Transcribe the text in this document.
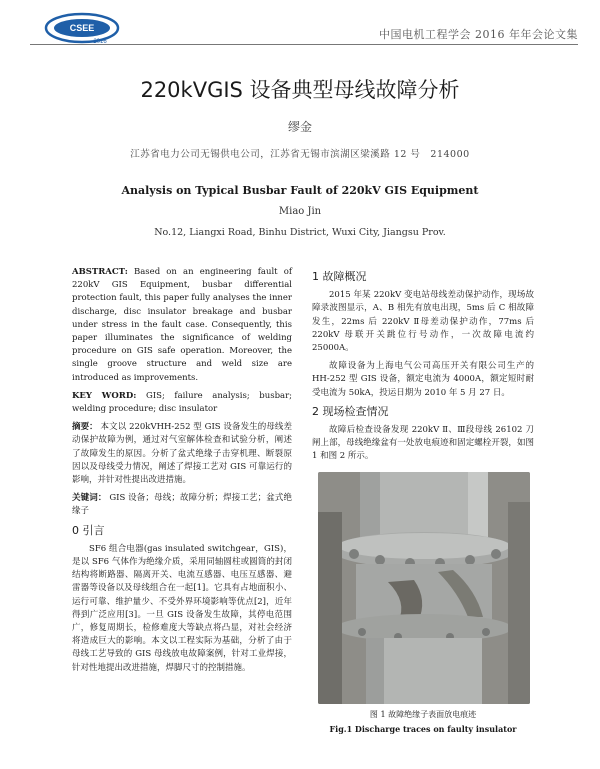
CSEE
2016
中国电机工程学会 2016 年年会论文集
220kVGIS 设备典型母线故障分析
缪金
江苏省电力公司无锡供电公司，江苏省无锡市滨湖区梁溪路 12 号　214000
Analysis on Typical Busbar Fault of 220kV GIS Equipment
Miao Jin
No.12, Liangxi Road, Binhu District, Wuxi City, Jiangsu Prov.

ABSTRACT: Based on an engineering fault of 220kV GIS Equipment, busbar differential protection fault, this paper fully analyses the inner discharge, disc insulator breakage and busbar under stress in the fault case. Consequently, this paper illuminates the significance of welding procedure on GIS safe operation. Moreover, the single groove structure and weld size are introduced as improvements.

KEY WORD: GIS; failure analysis; busbar; welding procedure; disc insulator

摘要： 本文以 220kVHH-252 型 GIS 设备发生的母线差动保护故障为例，通过对气室解体检查和试验分析，阐述了故障发生的原因。分析了盆式绝缘子击穿机理、断裂原因以及母线受力情况，阐述了焊接工艺对 GIS 可靠运行的影响，并针对性提出改进措施。

关键词： GIS 设备；母线；故障分析；焊接工艺；盆式绝缘子

0 引言

SF6 组合电器(gas insulated switchgear，GIS)，是以 SF6 气体作为绝缘介质，采用同轴圆柱或圆筒的封闭结构将断路器、隔离开关、电流互感器、电压互感器、避雷器等设备以及母线组合在一起[1]。它具有占地面积小、运行可靠、维护量少、不受外界环境影响等优点[2]，近年得到广泛应用[3]。一旦 GIS 设备发生故障，其停电范围广，修复周期长，检修难度大等缺点将凸显，对社会经济将造成巨大的影响。本文以工程实际为基础，分析了由于母线工艺导致的 GIS 母线放电故障案例，针对工业焊接，针对性地提出改进措施，焊脚尺寸的控制措施。

1 故障概况

2015 年某 220kV 变电站母线差动保护动作，现场故障录波图显示，A、B 相先有放电出现，5ms 后 C 相故障发生，22ms 后 220kV Ⅱ母差动保护动作，77ms 后 220kV 母联开关跳位行号动作，一次故障电流约 25000A。

故障设备为上海电气公司高压开关有限公司生产的 HH-252 型 GIS 设备，额定电流为 4000A，额定短时耐受电流为 50kA，投运日期为 2010 年 5 月 27 日。

2 现场检查情况

故障后检查设备发现 220kV Ⅱ、Ⅲ段母线 26102 刀闸上部，母线绝缘盆有一处放电痕迹和固定螺栓开裂，如图 1 和图 2 所示。

图 1 故障绝缘子表面放电痕迹
Fig.1 Discharge traces on faulty insulator
